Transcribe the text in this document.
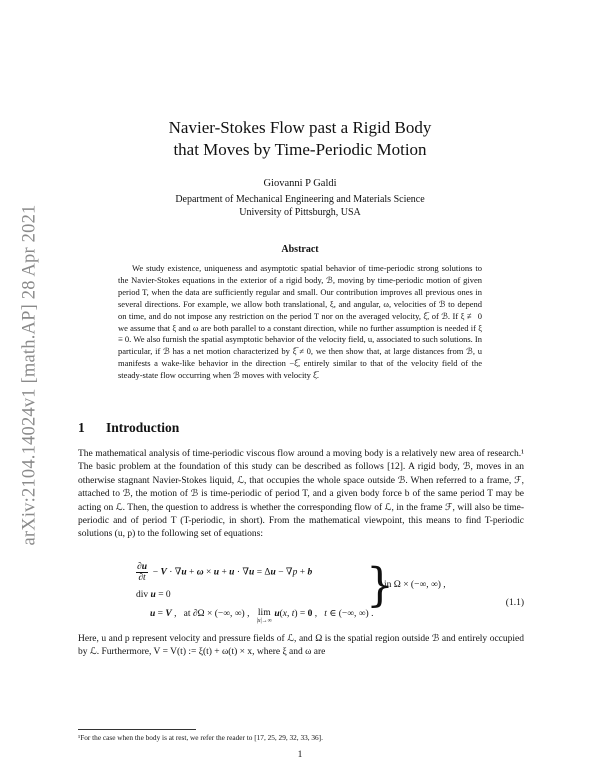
arXiv:2104.14024v1 [math.AP] 28 Apr 2021
Navier-Stokes Flow past a Rigid Body
that Moves by Time-Periodic Motion
Giovanni P Galdi
Department of Mechanical Engineering and Materials Science
University of Pittsburgh, USA
Abstract
We study existence, uniqueness and asymptotic spatial behavior of time-periodic strong solutions to the Navier-Stokes equations in the exterior of a rigid body, ℬ, moving by time-periodic motion of given period T, when the data are sufficiently regular and small. Our contribution improves all previous ones in several directions. For example, we allow both translational, ξ, and angular, ω, velocities of ℬ to depend on time, and do not impose any restriction on the period T nor on the averaged velocity, ξ̅, of ℬ. If ξ ≢ 0 we assume that ξ and ω are both parallel to a constant direction, while no further assumption is needed if ξ ≡ 0. We also furnish the spatial asymptotic behavior of the velocity field, u, associated to such solutions. In particular, if ℬ has a net motion characterized by ξ̅ ≠ 0, we then show that, at large distances from ℬ, u manifests a wake-like behavior in the direction −ξ̅, entirely similar to that of the velocity field of the steady-state flow occurring when ℬ moves with velocity ξ̅.
1 Introduction
The mathematical analysis of time-periodic viscous flow around a moving body is a relatively new area of research.¹ The basic problem at the foundation of this study can be described as follows [12]. A rigid body, ℬ, moves in an otherwise stagnant Navier-Stokes liquid, ℒ, that occupies the whole space outside ℬ. When referred to a frame, ℱ, attached to ℬ, the motion of ℬ is time-periodic of period T, and a given body force b of the same period T may be acting on ℒ. Then, the question to address is whether the corresponding flow of ℒ, in the frame ℱ, will also be time-periodic and of period T (T-periodic, in short). From the mathematical viewpoint, this means to find T-periodic solutions (u, p) to the following set of equations:
$\frac{\partial u}{\partial t} - V \cdot \nabla u + \omega \times u + u \cdot \nabla u = \Delta u - \nabla p + b$
div u = 0	}
in Ω × (−∞, ∞) ,
u = V ,   at ∂Ω × (−∞, ∞) ,   lim
|x|→∞
u(x, t) = 0 ,   t ∈ (−∞, ∞) .
(1.1)
Here, u and p represent velocity and pressure fields of ℒ, and Ω is the spatial region outside ℬ and entirely occupied by ℒ. Furthermore, V = V(t) := ξ(t) + ω(t) × x, where ξ and ω are
¹For the case when the body is at rest, we refer the reader to [17, 25, 29, 32, 33, 36].
1
